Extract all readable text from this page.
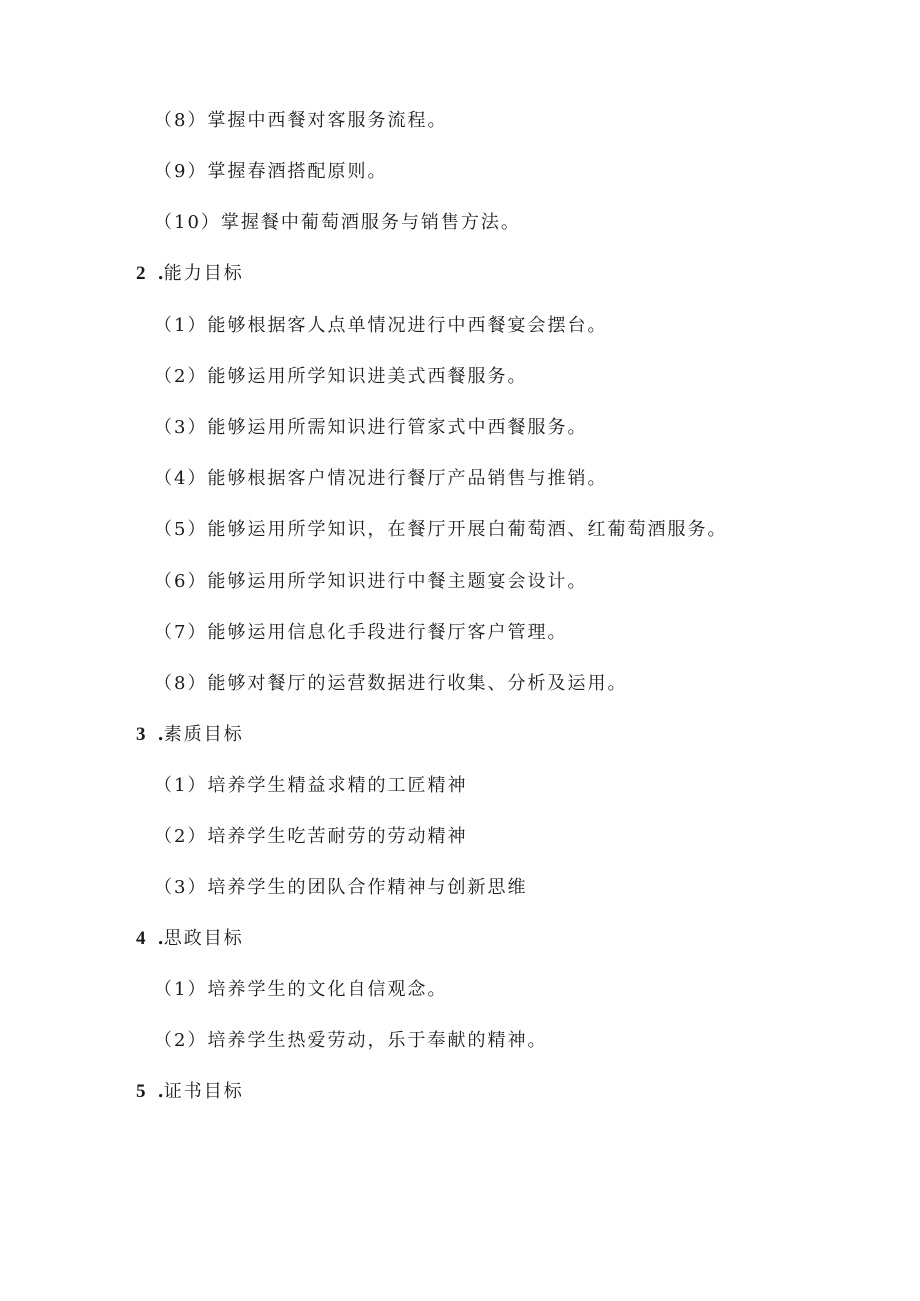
（8）掌握中西餐对客服务流程。
（9）掌握春酒搭配原则。
（10）掌握餐中葡萄酒服务与销售方法。
2 .能力目标
（1）能够根据客人点单情况进行中西餐宴会摆台。
（2）能够运用所学知识进美式西餐服务。
（3）能够运用所需知识进行管家式中西餐服务。
（4）能够根据客户情况进行餐厅产品销售与推销。
（5）能够运用所学知识，在餐厅开展白葡萄酒、红葡萄酒服务。
（6）能够运用所学知识进行中餐主题宴会设计。
（7）能够运用信息化手段进行餐厅客户管理。
（8）能够对餐厅的运营数据进行收集、分析及运用。
3 .素质目标
（1）培养学生精益求精的工匠精神
（2）培养学生吃苦耐劳的劳动精神
（3）培养学生的团队合作精神与创新思维
4 .思政目标
（1）培养学生的文化自信观念。
（2）培养学生热爱劳动，乐于奉献的精神。
5 .证书目标
